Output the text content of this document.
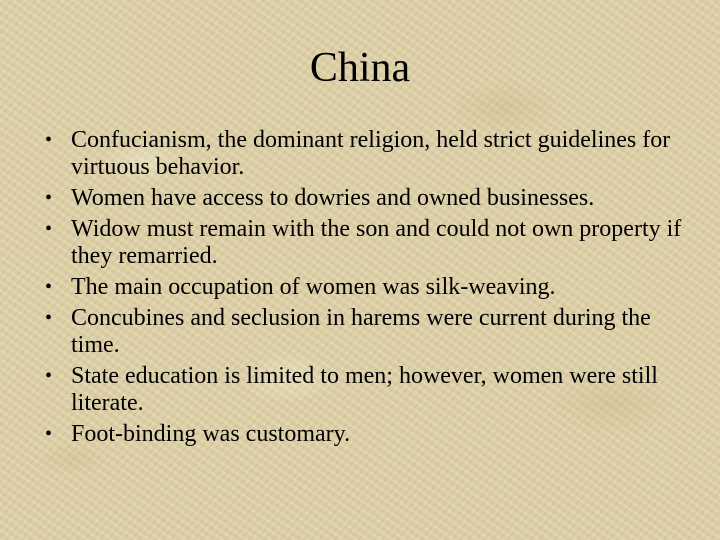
China
• Confucianism, the dominant religion, held strict guidelines for virtuous behavior.
• Women have access to dowries and owned businesses.
• Widow must remain with the son and could not own property if they remarried.
• The main occupation of women was silk-weaving.
• Concubines and seclusion in harems were current during the time.
• State education is limited to men; however, women were still literate.
• Foot-binding was customary.
